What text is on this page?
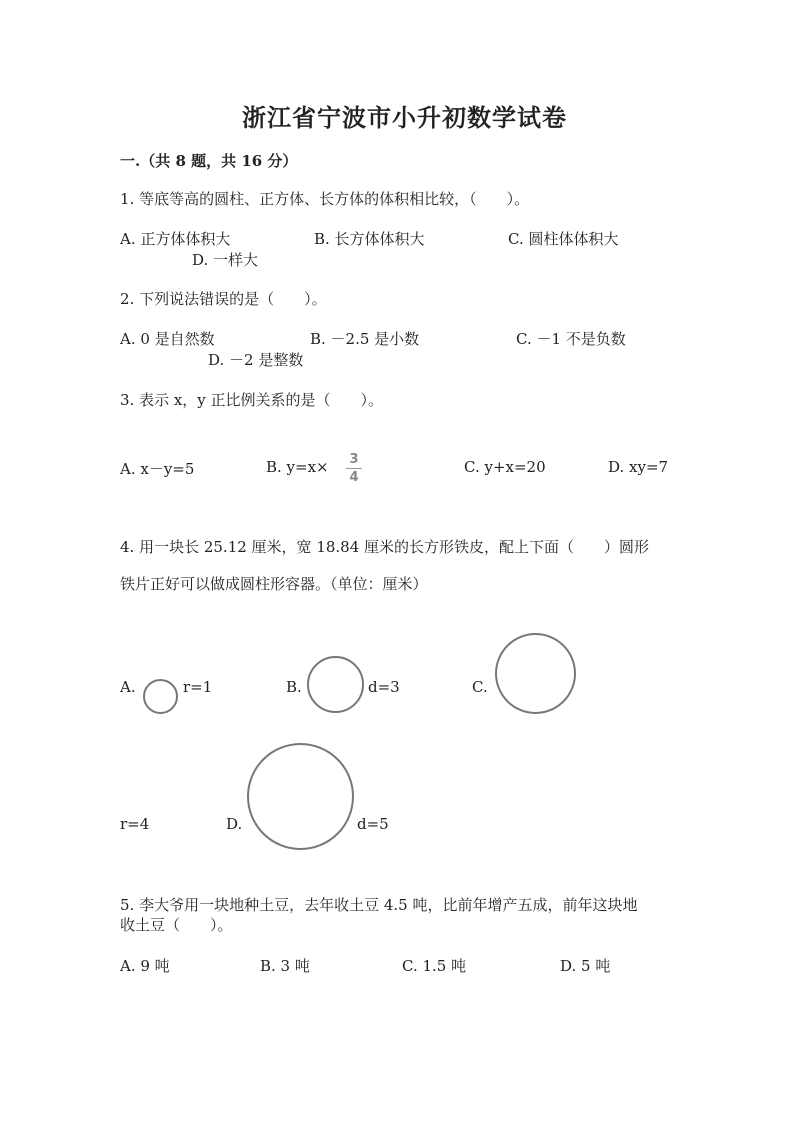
浙江省宁波市小升初数学试卷
一.（共 8 题，共 16 分）
1. 等底等高的圆柱、正方体、长方体的体积相比较，（　　）。
A. 正方体体积大	B. 长方体体积大	C. 圆柱体体积大
D. 一样大
2. 下列说法错误的是（　　）。
A. 0 是自然数	B. －2.5 是小数	C. －1 不是负数
D. －2 是整数
3. 表示 x，y 正比例关系的是（　　）。
A. x－y=5	B. y=x×	3
4
C. y+x=20	D. xy=7
4. 用一块长 25.12 厘米，宽 18.84 厘米的长方形铁皮，配上下面（　　）圆形
铁片正好可以做成圆柱形容器。（单位：厘米）
A.	r=1	B.	d=3	C.
r=4	D.	d=5
5. 李大爷用一块地种土豆，去年收土豆 4.5 吨，比前年增产五成，前年这块地
收土豆（　　）。
A. 9 吨	B. 3 吨	C. 1.5 吨	D. 5 吨
